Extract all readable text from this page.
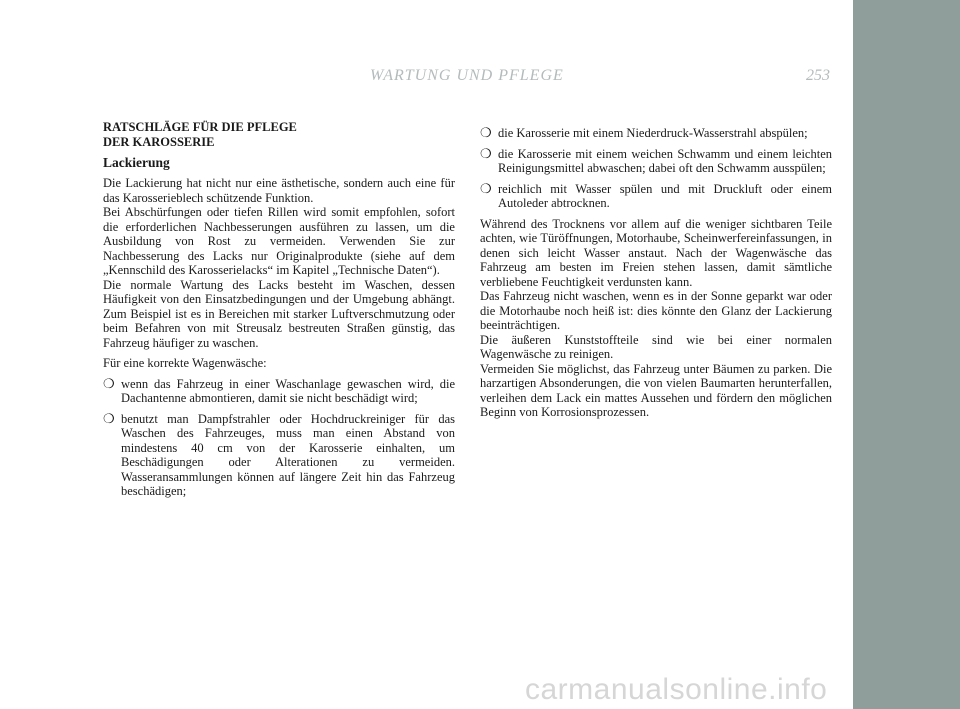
WARTUNG UND PFLEGE	253
RATSCHLÄGE FÜR DIE PFLEGE
DER KAROSSERIE
Lackierung

Die Lackierung hat nicht nur eine ästhetische, sondern auch eine für das Karosserieblech schützende Funktion.

Bei Abschürfungen oder tiefen Rillen wird somit empfohlen, sofort die erforderlichen Nachbesserungen ausführen zu lassen, um die Ausbildung von Rost zu vermeiden. Verwenden Sie zur Nachbesserung des Lacks nur Originalprodukte (siehe auf dem „Kennschild des Karosserielacks“ im Kapitel „Technische Daten“).

Die normale Wartung des Lacks besteht im Waschen, dessen Häufigkeit von den Einsatzbedingungen und der Umgebung abhängt. Zum Beispiel ist es in Bereichen mit starker Luftverschmutzung oder beim Befahren von mit Streusalz bestreuten Straßen günstig, das Fahrzeug häufiger zu waschen.

Für eine korrekte Wagenwäsche:

❍ wenn das Fahrzeug in einer Waschanlage gewaschen wird, die Dachantenne abmontieren, damit sie nicht beschädigt wird;
❍ benutzt man Dampfstrahler oder Hochdruckreiniger für das Waschen des Fahrzeuges, muss man einen Abstand von mindestens 40 cm von der Karosserie einhalten, um Beschädigungen oder Alterationen zu vermeiden. Wasseransammlungen können auf längere Zeit hin das Fahrzeug beschädigen;
❍ die Karosserie mit einem Niederdruck-Wasserstrahl abspülen;
❍ die Karosserie mit einem weichen Schwamm und einem leichten Reinigungsmittel abwaschen; dabei oft den Schwamm ausspülen;
❍ reichlich mit Wasser spülen und mit Druckluft oder einem Autoleder abtrocknen.

Während des Trocknens vor allem auf die weniger sichtbaren Teile achten, wie Türöffnungen, Motorhaube, Scheinwerfereinfassungen, in denen sich leicht Wasser anstaut. Nach der Wagenwäsche das Fahrzeug am besten im Freien stehen lassen, damit sämtliche verbliebene Feuchtigkeit verdunsten kann.

Das Fahrzeug nicht waschen, wenn es in der Sonne geparkt war oder die Motorhaube noch heiß ist: dies könnte den Glanz der Lackierung beeinträchtigen.

Die äußeren Kunststoffteile sind wie bei einer normalen Wagenwäsche zu reinigen.

Vermeiden Sie möglichst, das Fahrzeug unter Bäumen zu parken. Die harzartigen Absonderungen, die von vielen Baumarten herunterfallen, verleihen dem Lack ein mattes Aussehen und fördern den möglichen Beginn von Korrosionsprozessen.

carmanualsonline.info
